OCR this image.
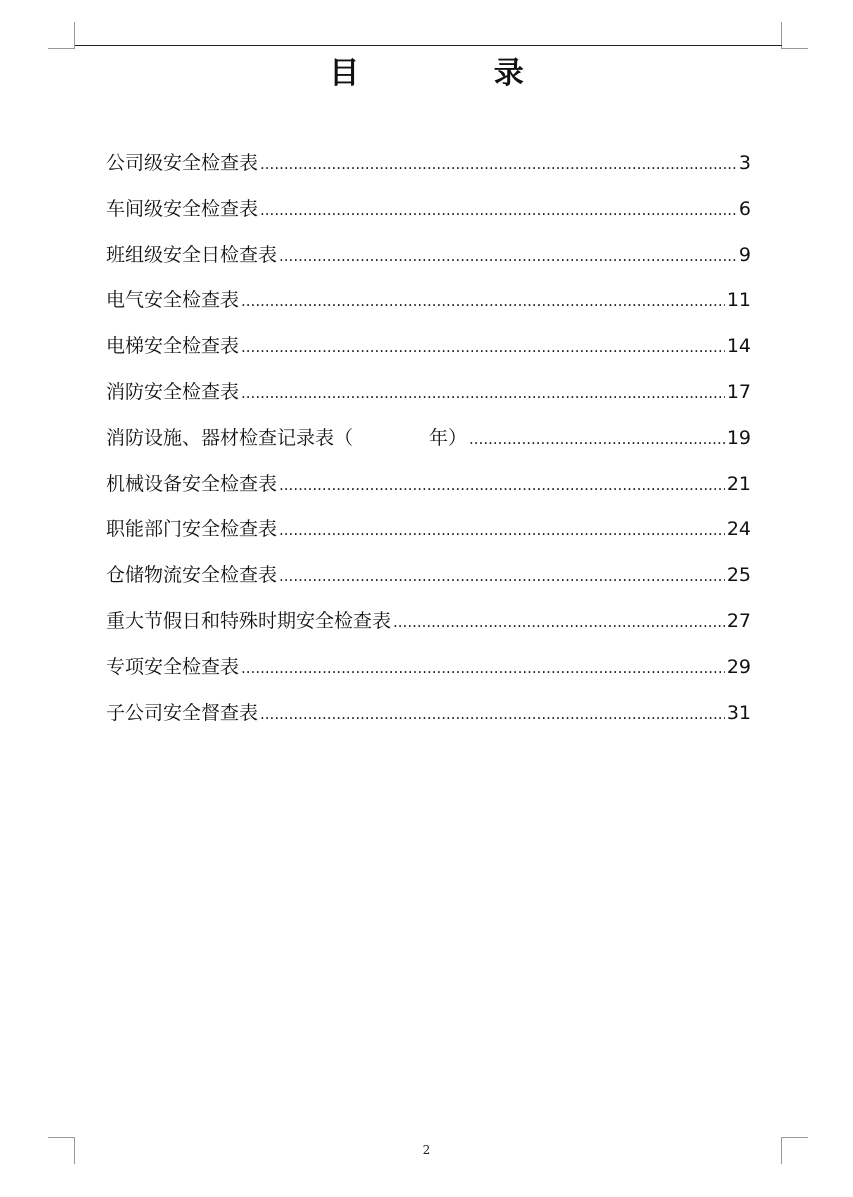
目 录
公司级安全检查表 .....	3
车间级安全检查表 .....	6
班组级安全日检查表 .....	9
电气安全检查表 .....	11
电梯安全检查表 .....	14
消防安全检查表 .....	17
消防设施、器材检查记录表（　　　　年） .....	19
机械设备安全检查表 .....	21
职能部门安全检查表 .....	24
仓储物流安全检查表 .....	25
重大节假日和特殊时期安全检查表 .....	27
专项安全检查表 .....	29
子公司安全督查表 .....	31
2
